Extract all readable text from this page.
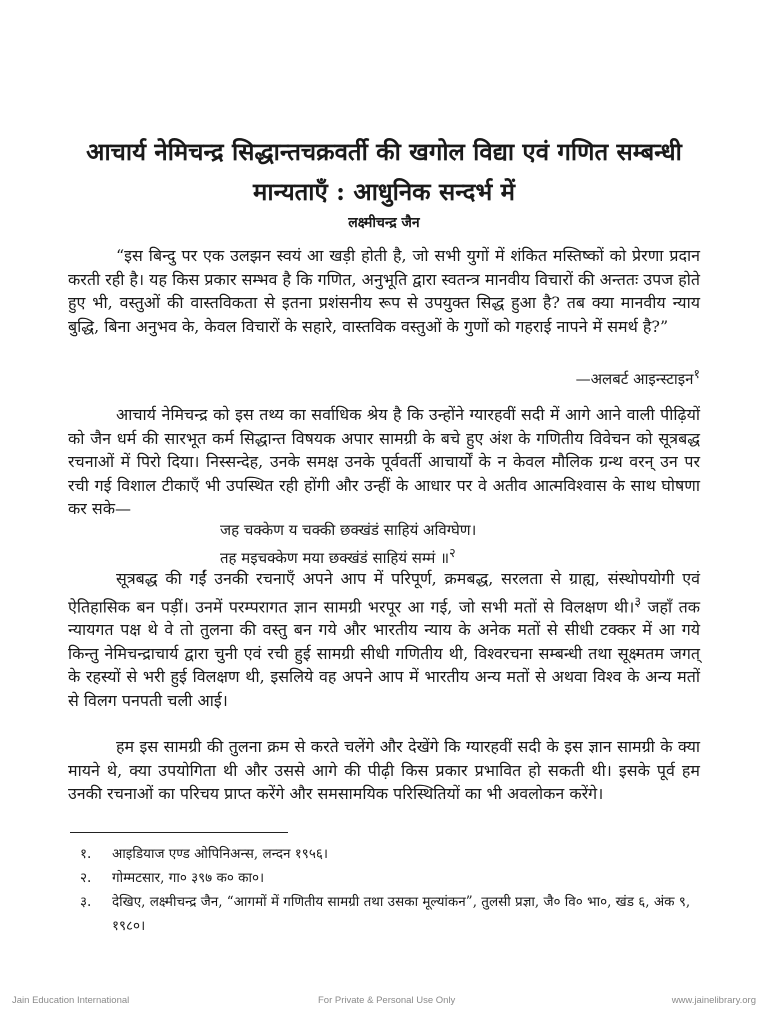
आचार्य नेमिचन्द्र सिद्धान्तचक्रवर्ती की खगोल विद्या एवं गणित सम्बन्धी मान्यताएँ : आधुनिक सन्दर्भ में

लक्ष्मीचन्द्र जैन

“इस बिन्दु पर एक उलझन स्वयं आ खड़ी होती है, जो सभी युगों में शंकित मस्तिष्कों को प्रेरणा प्रदान करती रही है। यह किस प्रकार सम्भव है कि गणित, अनुभूति द्वारा स्वतन्त्र मानवीय विचारों की अन्ततः उपज होते हुए भी, वस्तुओं की वास्तविकता से इतना प्रशंसनीय रूप से उपयुक्त सिद्ध हुआ है? तब क्या मानवीय न्याय बुद्धि, बिना अनुभव के, केवल विचारों के सहारे, वास्तविक वस्तुओं के गुणों को गहराई नापने में समर्थ है?”

—अलबर्ट आइन्स्टाइन$^१$

आचार्य नेमिचन्द्र को इस तथ्य का सर्वाधिक श्रेय है कि उन्होंने ग्यारहवीं सदी में आगे आने वाली पीढ़ियों को जैन धर्म की सारभूत कर्म सिद्धान्त विषयक अपार सामग्री के बचे हुए अंश के गणितीय विवेचन को सूत्रबद्ध रचनाओं में पिरो दिया। निस्सन्देह, उनके समक्ष उनके पूर्ववर्ती आचार्यों के न केवल मौलिक ग्रन्थ वरन् उन पर रची गई विशाल टीकाएँ भी उपस्थित रही होंगी और उन्हीं के आधार पर वे अतीव आत्मविश्वास के साथ घोषणा कर सके—

जह चक्केण य चक्की छक्खंडं साहियं अविग्घेण।

तह मइचक्केण मया छक्खंडं साहियं सम्मं ॥$^२$

सूत्रबद्ध की गईं उनकी रचनाएँ अपने आप में परिपूर्ण, क्रमबद्ध, सरलता से ग्राह्य, संस्थोपयोगी एवं ऐतिहासिक बन पड़ीं। उनमें परम्परागत ज्ञान सामग्री भरपूर आ गई, जो सभी मतों से विलक्षण थी।$^३$ जहाँ तक न्यायगत पक्ष थे वे तो तुलना की वस्तु बन गये और भारतीय न्याय के अनेक मतों से सीधी टक्कर में आ गये किन्तु नेमिचन्द्राचार्य द्वारा चुनी एवं रची हुई सामग्री सीधी गणितीय थी, विश्वरचना सम्बन्धी तथा सूक्ष्मतम जगत् के रहस्यों से भरी हुई विलक्षण थी, इसलिये वह अपने आप में भारतीय अन्य मतों से अथवा विश्व के अन्य मतों से विलग पनपती चली आई।

हम इस सामग्री की तुलना क्रम से करते चलेंगे और देखेंगे कि ग्यारहवीं सदी के इस ज्ञान सामग्री के क्या मायने थे, क्या उपयोगिता थी और उससे आगे की पीढ़ी किस प्रकार प्रभावित हो सकती थी। इसके पूर्व हम उनकी रचनाओं का परिचय प्राप्त करेंगे और समसामयिक परिस्थितियों का भी अवलोकन करेंगे।

१. आइडियाज एण्ड ओपिनिअन्स, लन्दन १९५६।
२. गोम्मटसार, गा० ३९७ क० का०।
३. देखिए, लक्ष्मीचन्द्र जैन, “आगमों में गणितीय सामग्री तथा उसका मूल्यांकन”, तुलसी प्रज्ञा, जै० वि० भा०, खंड ६, अंक ९, १९८०।
Jain Education International	For Private & Personal Use Only	www.jainelibrary.org
